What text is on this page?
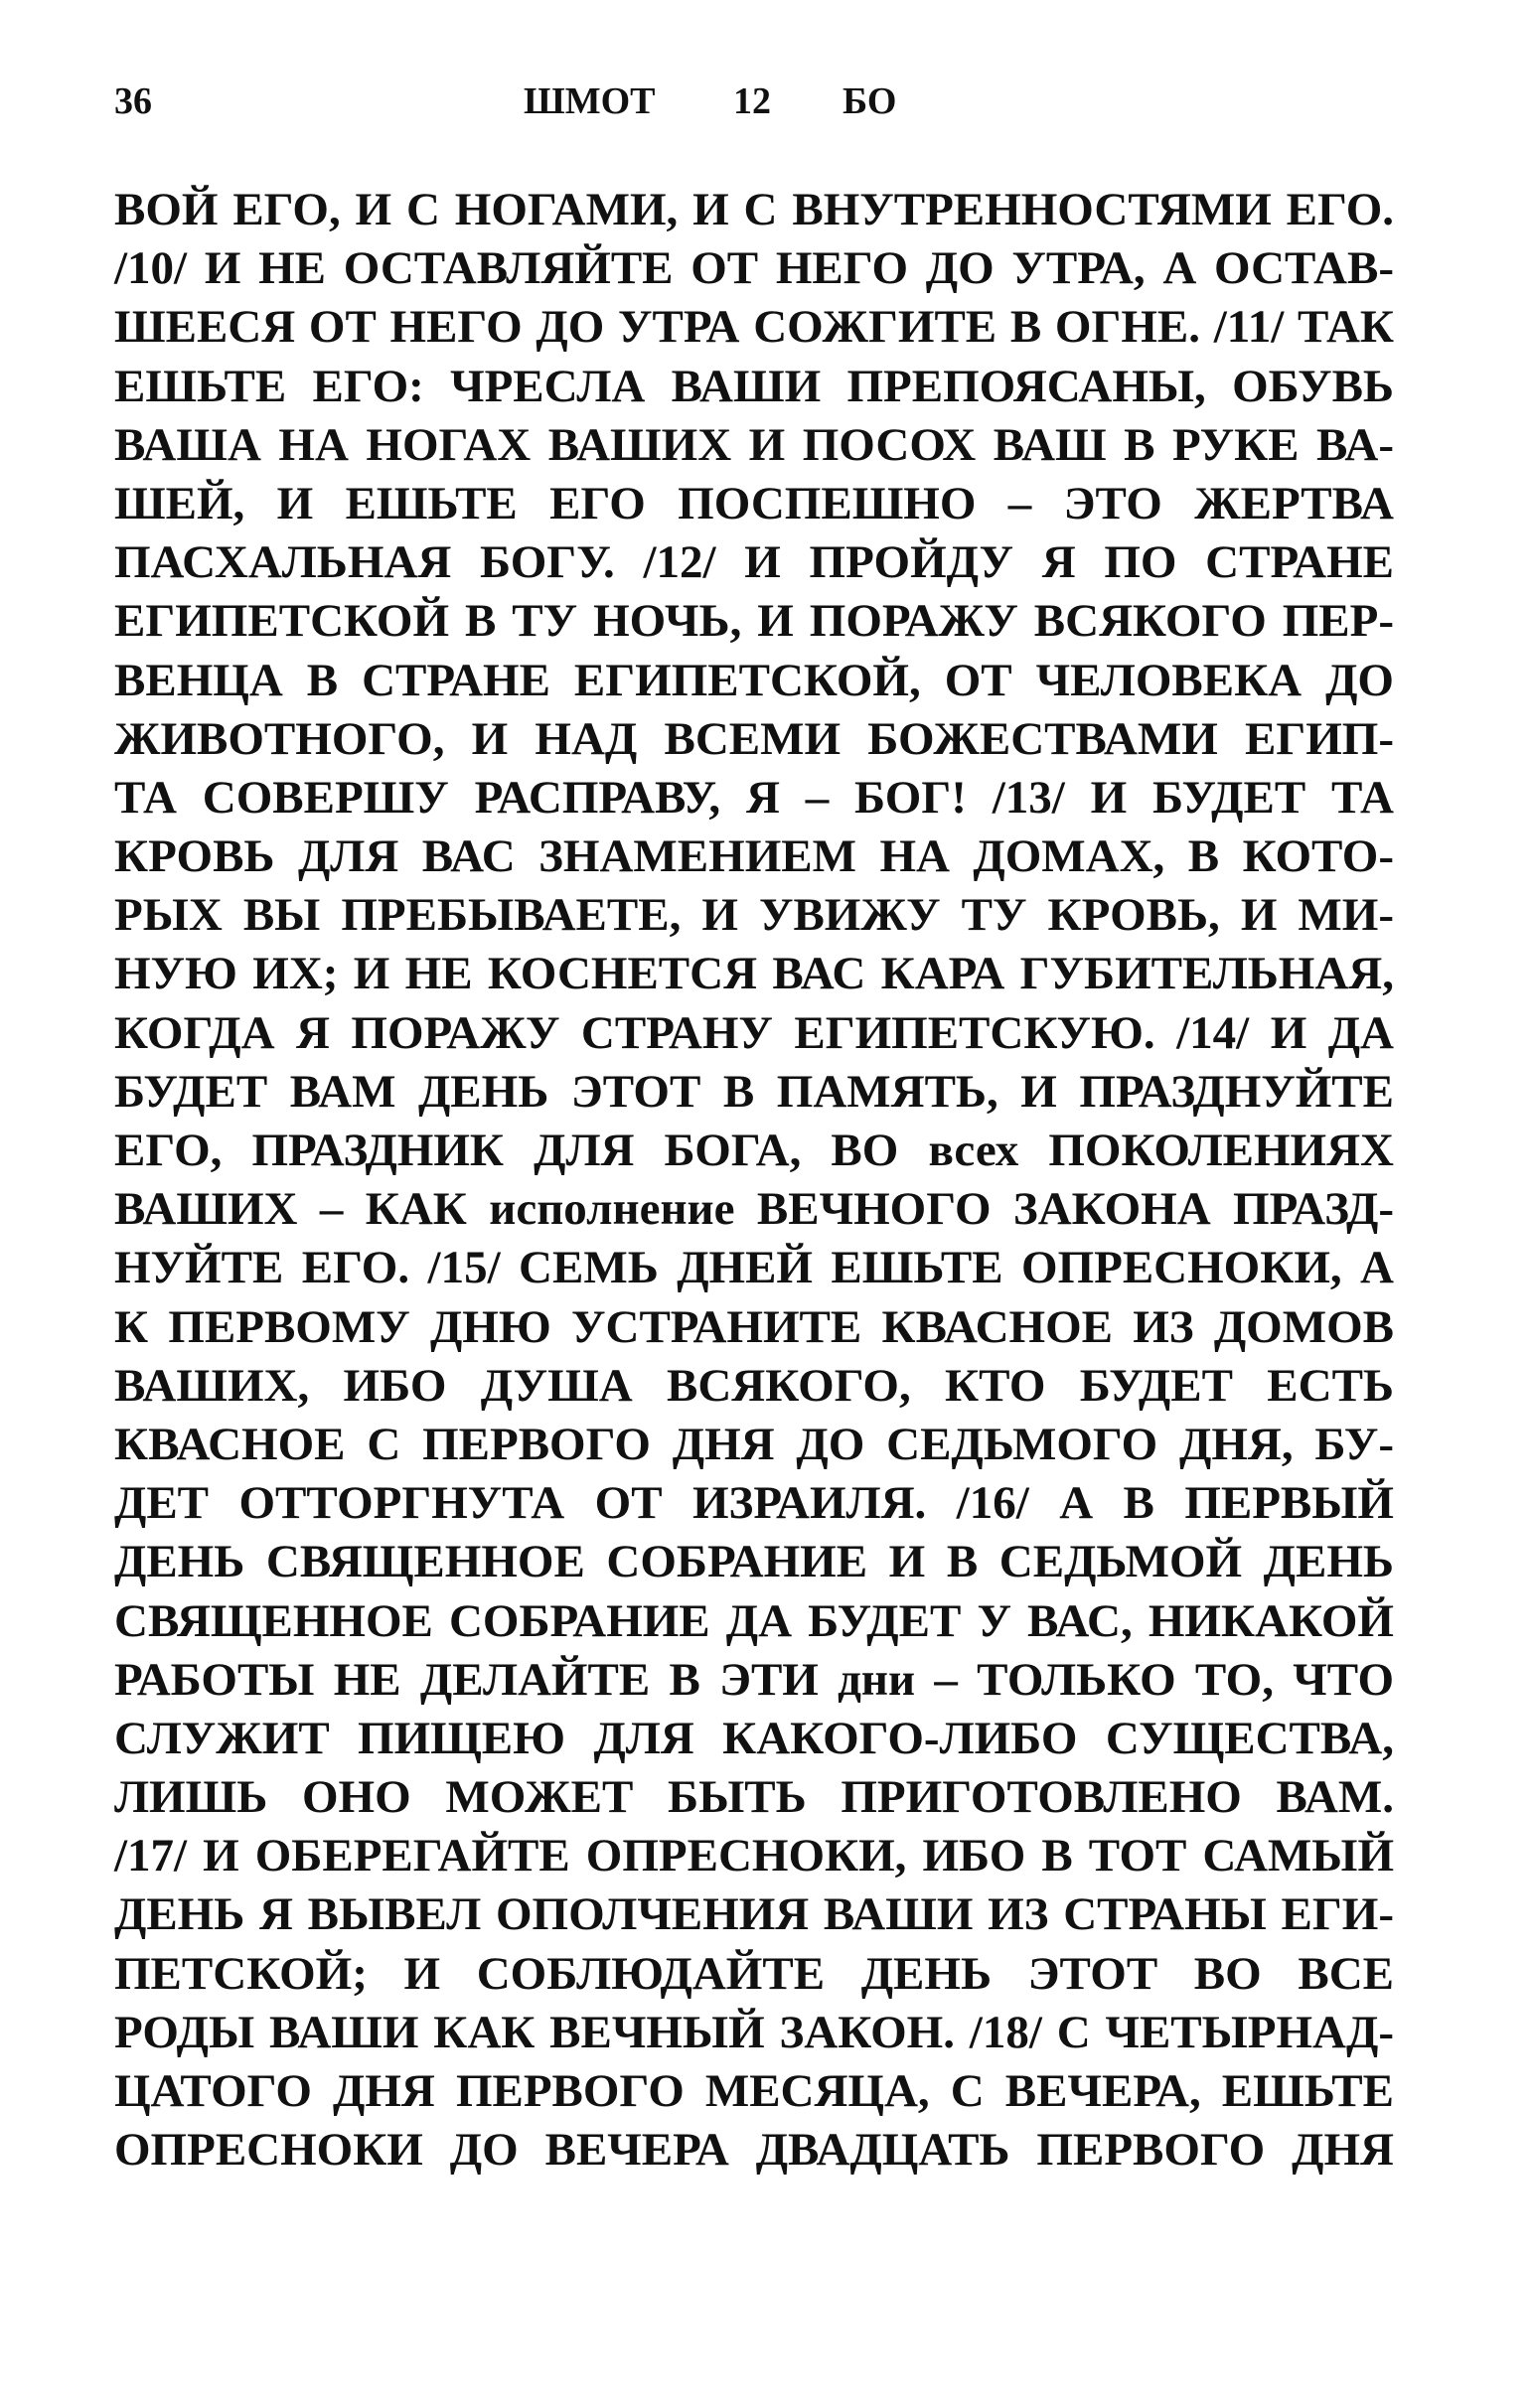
36	ШМОТ 12 БО
ВОЙ ЕГО, И С НОГАМИ, И С ВНУТРЕННОСТЯМИ ЕГО.
/10/ И НЕ ОСТАВЛЯЙТЕ ОТ НЕГО ДО УТРА, А ОСТАВ-
ШЕЕСЯ ОТ НЕГО ДО УТРА СОЖГИТЕ В ОГНЕ. /11/ ТАК
ЕШЬТЕ ЕГО: ЧРЕСЛА ВАШИ ПРЕПОЯСАНЫ, ОБУВЬ
ВАША НА НОГАХ ВАШИХ И ПОСОХ ВАШ В РУКЕ ВА-
ШЕЙ, И ЕШЬТЕ ЕГО ПОСПЕШНО – ЭТО ЖЕРТВА
ПАСХАЛЬНАЯ БОГУ. /12/ И ПРОЙДУ Я ПО СТРАНЕ
ЕГИПЕТСКОЙ В ТУ НОЧЬ, И ПОРАЖУ ВСЯКОГО ПЕР-
ВЕНЦА В СТРАНЕ ЕГИПЕТСКОЙ, ОТ ЧЕЛОВЕКА ДО
ЖИВОТНОГО, И НАД ВСЕМИ БОЖЕСТВАМИ ЕГИП-
ТА СОВЕРШУ РАСПРАВУ, Я – БОГ! /13/ И БУДЕТ ТА
КРОВЬ ДЛЯ ВАС ЗНАМЕНИЕМ НА ДОМАХ, В КОТО-
РЫХ ВЫ ПРЕБЫВАЕТЕ, И УВИЖУ ТУ КРОВЬ, И МИ-
НУЮ ИХ; И НЕ КОСНЕТСЯ ВАС КАРА ГУБИТЕЛЬНАЯ,
КОГДА Я ПОРАЖУ СТРАНУ ЕГИПЕТСКУЮ. /14/ И ДА
БУДЕТ ВАМ ДЕНЬ ЭТОТ В ПАМЯТЬ, И ПРАЗДНУЙТЕ
ЕГО, ПРАЗДНИК ДЛЯ БОГА, ВО всех ПОКОЛЕНИЯХ
ВАШИХ – КАК исполнение ВЕЧНОГО ЗАКОНА ПРАЗД-
НУЙТЕ ЕГО. /15/ СЕМЬ ДНЕЙ ЕШЬТЕ ОПРЕСНОКИ, А
К ПЕРВОМУ ДНЮ УСТРАНИТЕ КВАСНОЕ ИЗ ДОМОВ
ВАШИХ, ИБО ДУША ВСЯКОГО, КТО БУДЕТ ЕСТЬ
КВАСНОЕ С ПЕРВОГО ДНЯ ДО СЕДЬМОГО ДНЯ, БУ-
ДЕТ ОТТОРГНУТА ОТ ИЗРАИЛЯ. /16/ А В ПЕРВЫЙ
ДЕНЬ СВЯЩЕННОЕ СОБРАНИЕ И В СЕДЬМОЙ ДЕНЬ
СВЯЩЕННОЕ СОБРАНИЕ ДА БУДЕТ У ВАС, НИКАКОЙ
РАБОТЫ НЕ ДЕЛАЙТЕ В ЭТИ дни – ТОЛЬКО ТО, ЧТО
СЛУЖИТ ПИЩЕЮ ДЛЯ КАКОГО-ЛИБО СУЩЕСТВА,
ЛИШЬ ОНО МОЖЕТ БЫТЬ ПРИГОТОВЛЕНО ВАМ.
/17/ И ОБЕРЕГАЙТЕ ОПРЕСНОКИ, ИБО В ТОТ САМЫЙ
ДЕНЬ Я ВЫВЕЛ ОПОЛЧЕНИЯ ВАШИ ИЗ СТРАНЫ ЕГИ-
ПЕТСКОЙ; И СОБЛЮДАЙТЕ ДЕНЬ ЭТОТ ВО ВСЕ
РОДЫ ВАШИ КАК ВЕЧНЫЙ ЗАКОН. /18/ С ЧЕТЫРНАД-
ЦАТОГО ДНЯ ПЕРВОГО МЕСЯЦА, С ВЕЧЕРА, ЕШЬТЕ
ОПРЕСНОКИ ДО ВЕЧЕРА ДВАДЦАТЬ ПЕРВОГО ДНЯ
